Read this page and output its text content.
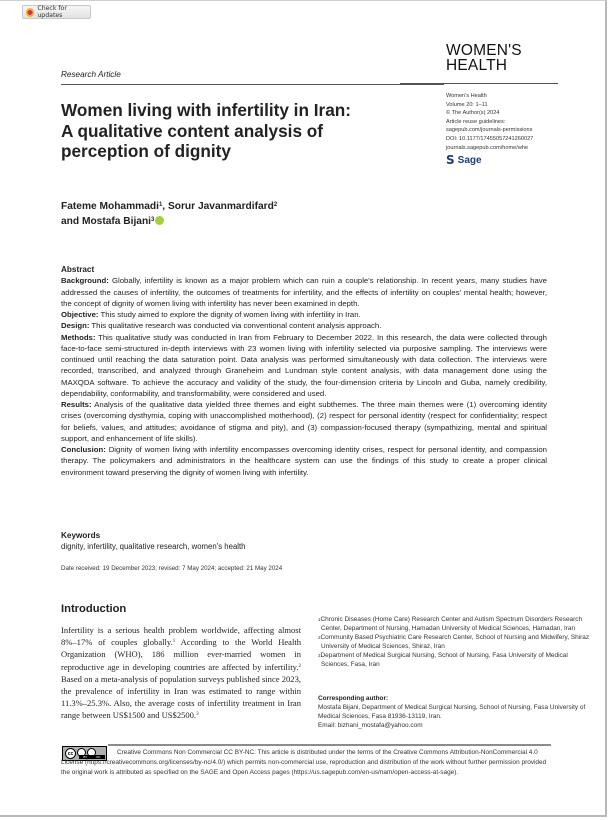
Check for updates
Research Article
WOMEN'S
HEALTH
Women's Health
Volume 20: 1–11
© The Author(s) 2024
Article reuse guidelines:
sagepub.com/journals-permissions
DOI: 10.1177/17455057241260027
journals.sagepub.com/home/whe
S Sage
Women living with infertility in Iran:
A qualitative content analysis of
perception of dignity
Fateme Mohammadi$^1$, Sorur Javanmardifard$^2$
and Mostafa Bijani$^3$
Abstract

Background: Globally, infertility is known as a major problem which can ruin a couple's relationship. In recent years, many studies have addressed the causes of infertility, the outcomes of treatments for infertility, and the effects of infertility on couples' mental health; however, the concept of dignity of women living with infertility has never been examined in depth.

Objective: This study aimed to explore the dignity of women living with infertility in Iran.

Design: This qualitative research was conducted via conventional content analysis approach.

Methods: This qualitative study was conducted in Iran from February to December 2022. In this research, the data were collected through face-to-face semi-structured in-depth interviews with 23 women living with infertility selected via purposive sampling. The interviews were continued until reaching the data saturation point. Data analysis was performed simultaneously with data collection. The interviews were recorded, transcribed, and analyzed through Graneheim and Lundman style content analysis, with data management done using the MAXQDA software. To achieve the accuracy and validity of the study, the four-dimension criteria by Lincoln and Guba, namely credibility, dependability, conformability, and transformability, were considered and used.

Results: Analysis of the qualitative data yielded three themes and eight subthemes. The three main themes were (1) overcoming identity crises (overcoming dysthymia, coping with unaccomplished motherhood), (2) respect for personal identity (respect for confidentiality; respect for beliefs, values, and attitudes; avoidance of stigma and pity), and (3) compassion-focused therapy (sympathizing, mental and spiritual support, and enhancement of life skills).

Conclusion: Dignity of women living with infertility encompasses overcoming identity crises, respect for personal identity, and compassion therapy. The policymakers and administrators in the healthcare system can use the findings of this study to create a proper clinical environment toward preserving the dignity of women living with infertility.

Keywords
dignity, infertility, qualitative research, women's health
Date received: 19 December 2023; revised: 7 May 2024; accepted: 21 May 2024
Introduction
Infertility is a serious health problem worldwide, affecting almost 8%–17% of couples globally.$^1$ According to the World Health Organization (WHO), 186 million ever-married women in reproductive age in developing countries are affected by infertility.$^2$ Based on a meta-analysis of population surveys published since 2023, the prevalence of infertility in Iran was estimated to range within 11.3%–25.3%. Also, the average costs of infertility treatment in Iran range between US$1500 and US$2500.$^3$
$^1$Chronic Diseases (Home Care) Research Center and Autism Spectrum Disorders Research Center, Department of Nursing, Hamadan University of Medical Sciences, Hamadan, Iran
$^2$Community Based Psychiatric Care Research Center, School of Nursing and Midwifery, Shiraz University of Medical Sciences, Shiraz, Iran
$^3$Department of Medical Surgical Nursing, School of Nursing, Fasa University of Medical Sciences, Fasa, Iran
Corresponding author:
Mostafa Bijani, Department of Medical Surgical Nursing, School of Nursing, Fasa University of Medical Sciences, Fasa 81936-13119, Iran.
Email: bizhani_mostafa@yahoo.com
cc
BY	NC
Creative Commons Non Commercial CC BY-NC: This article is distributed under the terms of the Creative Commons Attribution-NonCommercial 4.0 License (https://creativecommons.org/licenses/by-nc/4.0/) which permits non-commercial use, reproduction and distribution of the work without further permission provided the original work is attributed as specified on the SAGE and Open Access pages (https://us.sagepub.com/en-us/nam/open-access-at-sage).
